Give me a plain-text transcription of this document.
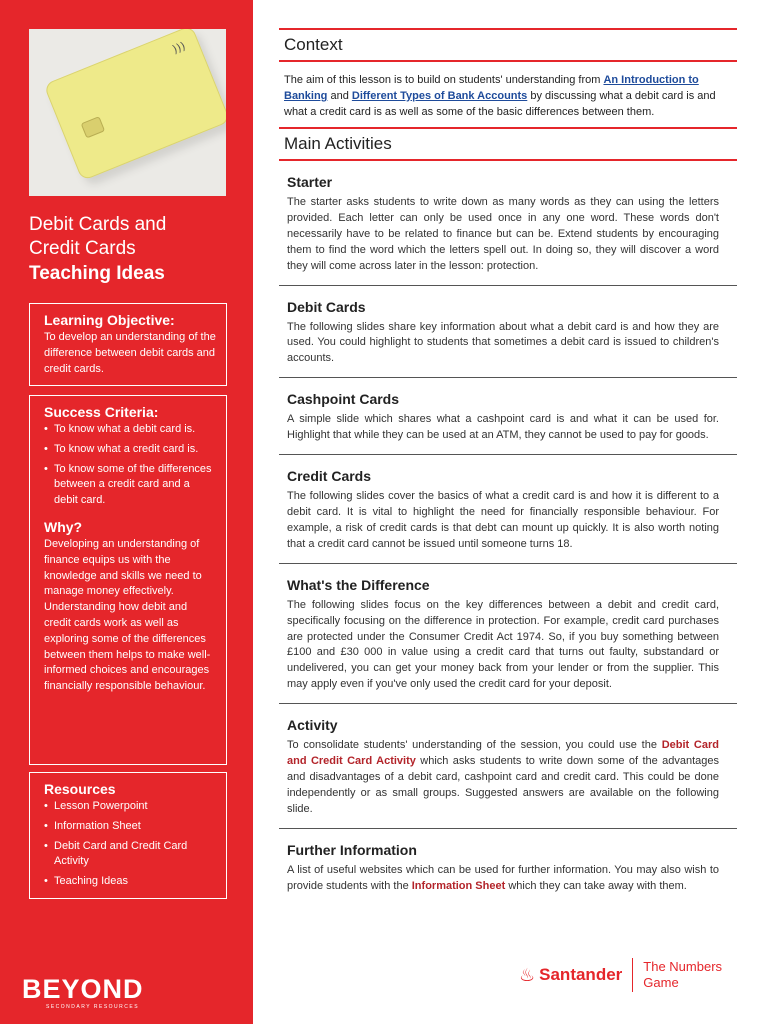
)))
Debit Cards and
Credit Cards
Teaching Ideas
Learning Objective:

To develop an understanding of the difference between debit cards and credit cards.

Success Criteria:
• To know what a debit card is.
• To know what a credit card is.
• To know some of the differences between a credit card and a debit card.
Why?

Developing an understanding of finance equips us with the knowledge and skills we need to manage money effectively. Understanding how debit and credit cards work as well as exploring some of the differences between them helps to make well-informed choices and encourages financially responsible behaviour.

Resources
• Lesson Powerpoint
• Information Sheet
• Debit Card and Credit Card Activity
• Teaching Ideas
BEYOND
SECONDARY RESOURCES
Context

The aim of this lesson is to build on students' understanding from An Introduction to Banking and Different Types of Bank Accounts by discussing what a debit card is and what a credit card is as well as some of the basic differences between them.

Main Activities
Starter

The starter asks students to write down as many words as they can using the letters provided. Each letter can only be used once in any one word. These words don't necessarily have to be related to finance but can be. Extend students by encouraging them to find the word which the letters spell out. In doing so, they will discover a word they will come across later in the lesson: protection.

Debit Cards

The following slides share key information about what a debit card is and how they are used. You could highlight to students that sometimes a debit card is issued to children's accounts.

Cashpoint Cards

A simple slide which shares what a cashpoint card is and what it can be used for. Highlight that while they can be used at an ATM, they cannot be used to pay for goods.

Credit Cards

The following slides cover the basics of what a credit card is and how it is different to a debit card. It is vital to highlight the need for financially responsible behaviour. For example, a risk of credit cards is that debt can mount up quickly. It is also worth noting that a credit card cannot be issued until someone turns 18.

What's the Difference

The following slides focus on the key differences between a debit and credit card, specifically focusing on the difference in protection. For example, credit card purchases are protected under the Consumer Credit Act 1974. So, if you buy something between £100 and £30 000 in value using a credit card that turns out faulty, substandard or undelivered, you can get your money back from your lender or from the supplier. This may apply even if you've only used the credit card for your deposit.

Activity

To consolidate students' understanding of the session, you could use the Debit Card and Credit Card Activity which asks students to write down some of the advantages and disadvantages of a debit card, cashpoint card and credit card. This could be done independently or as small groups. Suggested answers are available on the following slide.

Further Information

A list of useful websites which can be used for further information. You may also wish to provide students with the Information Sheet which they can take away with them.

♨ Santander The Numbers
Game
